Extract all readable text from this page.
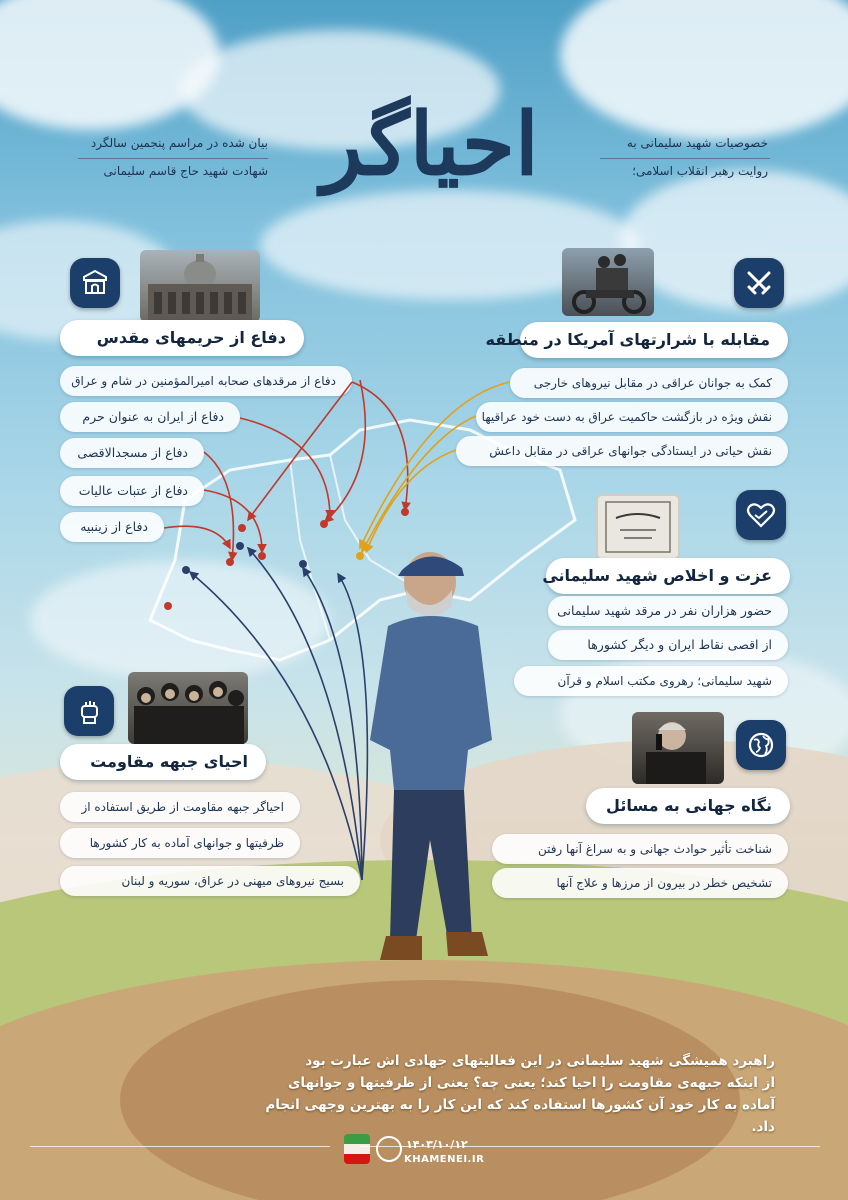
احیاگر	خصوصیات شهید سلیمانی به
روایت رهبر انقلاب اسلامی؛
بیان شده در مراسم پنجمین سالگرد
شهادت شهید حاج قاسم سلیمانی
دفاع از حریمهای مقدس
دفاع از مرقدهای صحابه امیرالمؤمنین در شام و عراق
دفاع از ایران به عنوان حرم
دفاع از مسجدالاقصی
دفاع از عتبات عالیات
دفاع از زینبیه
مقابله با شرارتهای آمریکا در منطقه
کمک به جوانان عراقی در مقابل نیروهای خارجی
نقش ویژه در بازگشت حاکمیت عراق به دست خود عراقیها
نقش حیاتی در ایستادگی جوانهای عراقی در مقابل داعش
عزت و اخلاص شهید سلیمانی
حضور هزاران نفر در مرقد شهید سلیمانی
از اقصی نقاط ایران و دیگر کشورها
شهید سلیمانی؛ رهروی مکتب اسلام و قرآن
احیای جبهه مقاومت
احیاگر جبهه مقاومت از طریق استفاده از
ظرفیتها و جوانهای آماده به کار کشورها
بسیج نیروهای میهنی در عراق، سوریه و لبنان
نگاه جهانی به مسائل
شناخت تأثیر حوادث جهانی و به سراغ آنها رفتن
تشخیص خطر در بیرون از مرزها و علاج آنها
راهبرد همیشگی شهید سلیمانی در این فعالیتهای جهادی اش عبارت بود
از اینکه جبهه‌ی مقاومت را احیا کند؛ یعنی چه؟ یعنی از ظرفیتها و جوانهای
آماده به کار خود آن کشورها استفاده کند که این کار را به بهترین وجهی انجام داد.
۱۴۰۳/۱۰/۱۲
KHAMENEI.IR
